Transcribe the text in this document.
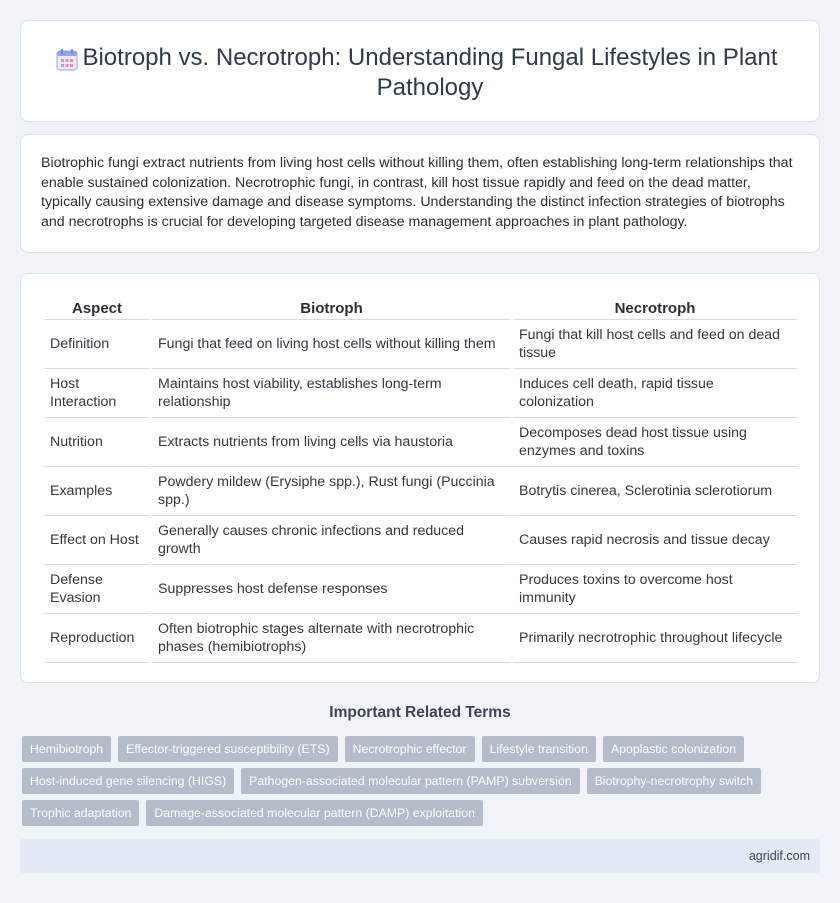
Biotroph vs. Necrotroph: Understanding Fungal Lifestyles in Plant Pathology

Biotrophic fungi extract nutrients from living host cells without killing them, often establishing long-term relationships that enable sustained colonization. Necrotrophic fungi, in contrast, kill host tissue rapidly and feed on the dead matter, typically causing extensive damage and disease symptoms. Understanding the distinct infection strategies of biotrophs and necrotrophs is crucial for developing targeted disease management approaches in plant pathology.

Aspect	Biotroph	Necrotroph
Definition	Fungi that feed on living host cells without killing them	Fungi that kill host cells and feed on dead tissue
Host Interaction	Maintains host viability, establishes long-term relationship	Induces cell death, rapid tissue colonization
Nutrition	Extracts nutrients from living cells via haustoria	Decomposes dead host tissue using enzymes and toxins
Examples	Powdery mildew (Erysiphe spp.), Rust fungi (Puccinia spp.)	Botrytis cinerea, Sclerotinia sclerotiorum
Effect on Host	Generally causes chronic infections and reduced growth	Causes rapid necrosis and tissue decay
Defense Evasion	Suppresses host defense responses	Produces toxins to overcome host immunity
Reproduction	Often biotrophic stages alternate with necrotrophic phases (hemibiotrophs)	Primarily necrotrophic throughout lifecycle
Important Related Terms
Hemibiotroph	Effector-triggered susceptibility (ETS)	Necrotrophic effector	Lifestyle transition	Apoplastic colonization
Host-induced gene silencing (HIGS)	Pathogen-associated molecular pattern (PAMP) subversion	Biotrophy-necrotrophy switch
Trophic adaptation	Damage-associated molecular pattern (DAMP) exploitation
agridif.com
